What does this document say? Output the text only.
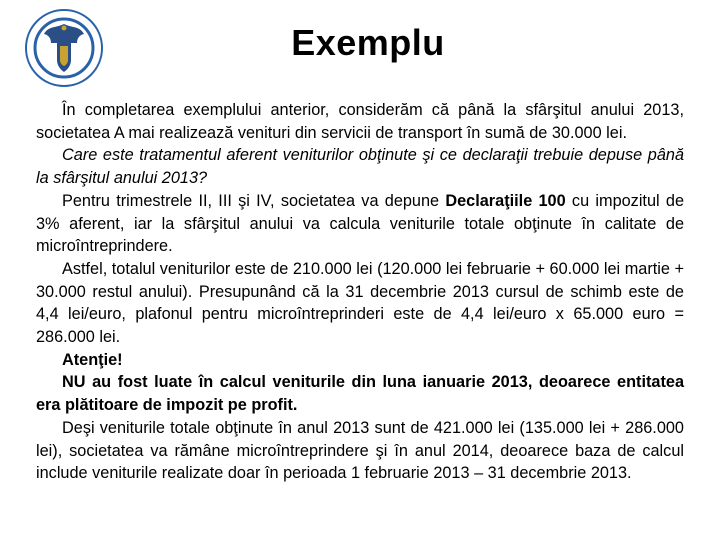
Exemplu

În completarea exemplului anterior, considerăm că până la sfârşitul anului 2013, societatea A mai realizează venituri din servicii de transport în sumă de 30.000 lei.

Care este tratamentul aferent veniturilor obţinute şi ce declaraţii trebuie depuse până la sfârşitul anului 2013?

Pentru trimestrele II, III şi IV, societatea va depune Declaraţiile 100 cu impozitul de 3% aferent, iar la sfârşitul anului va calcula veniturile totale obţinute în calitate de microîntreprindere.

Astfel, totalul veniturilor este de 210.000 lei (120.000 lei februarie + 60.000 lei martie + 30.000 restul anului). Presupunând că la 31 decembrie 2013 cursul de schimb este de 4,4 lei/euro, plafonul pentru microîntreprinderi este de 4,4 lei/euro x 65.000 euro = 286.000 lei.

Atenţie!

NU au fost luate în calcul veniturile din luna ianuarie 2013, deoarece entitatea era plătitoare de impozit pe profit.

Deşi veniturile totale obţinute în anul 2013 sunt de 421.000 lei (135.000 lei + 286.000 lei), societatea va rămâne microîntreprindere şi în anul 2014, deoarece baza de calcul include veniturile realizate doar în perioada 1 februarie 2013 – 31 decembrie 2013.
